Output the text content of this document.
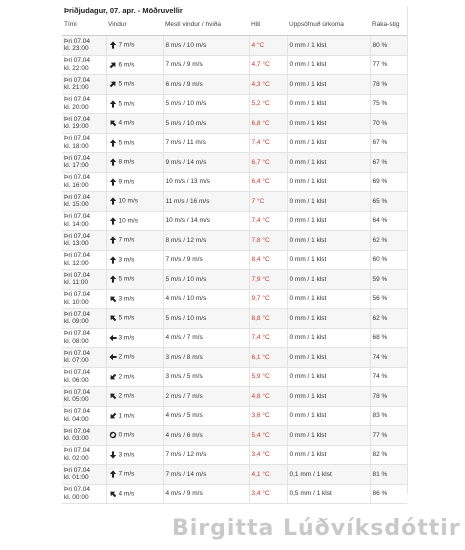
Þriðjudagur, 07. apr. - Möðruvellir
Tími	Vindur	Mesti vindur / hviða	Hiti	Uppsöfnuð úrkoma	Raka-stig

Þri 07.04
kl. 23:00	7 m/s	8 m/s / 10 m/s	4 °C	0 mm / 1 klst	80 %

Þri 07.04
kl. 22:00	6 m/s	7 m/s / 9 m/s	4,7 °C	0 mm / 1 klst	77 %

Þri 07.04
kl. 21:00	5 m/s	6 m/s / 9 m/s	4,3 °C	0 mm / 1 klst	78 %

Þri 07.04
kl. 20:00	5 m/s	5 m/s / 10 m/s	5,2 °C	0 mm / 1 klst	75 %

Þri 07.04
kl. 19:00	4 m/s	5 m/s / 10 m/s	6,8 °C	0 mm / 1 klst	70 %

Þri 07.04
kl. 18:00	5 m/s	7 m/s / 11 m/s	7,4 °C	0 mm / 1 klst	67 %

Þri 07.04
kl. 17:00	8 m/s	9 m/s / 14 m/s	6,7 °C	0 mm / 1 klst	67 %

Þri 07.04
kl. 16:00	9 m/s	10 m/s / 13 m/s	6,4 °C	0 mm / 1 klst	69 %

Þri 07.04
kl. 15:00	10 m/s	11 m/s / 16 m/s	7 °C	0 mm / 1 klst	65 %

Þri 07.04
kl. 14:00	10 m/s	10 m/s / 14 m/s	7,4 °C	0 mm / 1 klst	64 %

Þri 07.04
kl. 13:00	7 m/s	8 m/s / 12 m/s	7,8 °C	0 mm / 1 klst	62 %

Þri 07.04
kl. 12:00	3 m/s	7 m/s / 9 m/s	8,4 °C	0 mm / 1 klst	60 %

Þri 07.04
kl. 11:00	5 m/s	5 m/s / 10 m/s	7,9 °C	0 mm / 1 klst	59 %

Þri 07.04
kl. 10:00	3 m/s	4 m/s / 10 m/s	9,7 °C	0 mm / 1 klst	56 %

Þri 07.04
kl. 09:00	5 m/s	5 m/s / 10 m/s	8,8 °C	0 mm / 1 klst	62 %

Þri 07.04
kl. 08:00	3 m/s	4 m/s / 7 m/s	7,4 °C	0 mm / 1 klst	68 %

Þri 07.04
kl. 07:00	2 m/s	3 m/s / 8 m/s	6,1 °C	0 mm / 1 klst	74 %

Þri 07.04
kl. 06:00	2 m/s	3 m/s / 5 m/s	5,9 °C	0 mm / 1 klst	74 %

Þri 07.04
kl. 05:00	2 m/s	2 m/s / 7 m/s	4,8 °C	0 mm / 1 klst	78 %

Þri 07.04
kl. 04:00	1 m/s	4 m/s / 5 m/s	3,6 °C	0 mm / 1 klst	83 %

Þri 07.04
kl. 03:00	0 m/s	4 m/s / 6 m/s	5,4 °C	0 mm / 1 klst	77 %

Þri 07.04
kl. 02:00	3 m/s	7 m/s / 12 m/s	3,4 °C	0 mm / 1 klst	82 %

Þri 07.04
kl. 01:00	7 m/s	7 m/s / 14 m/s	4,1 °C	0,1 mm / 1 klst	81 %

Þri 07.04
kl. 00:00	4 m/s	4 m/s / 9 m/s	3,4 °C	0,5 mm / 1 klst	86 %
Birgitta Lúðvíksdóttir
